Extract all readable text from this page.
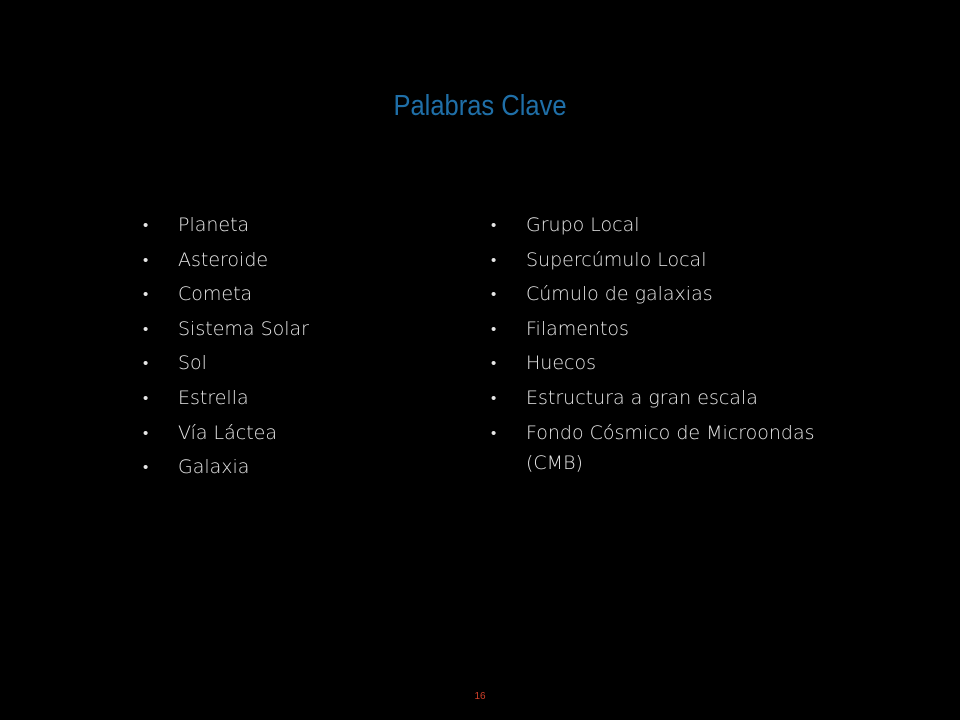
Palabras Clave
• Planeta
• Asteroide
• Cometa
• Sistema Solar
• Sol
• Estrella
• Vía Láctea
• Galaxia
• Grupo Local
• Supercúmulo Local
• Cúmulo de galaxias
• Filamentos
• Huecos
• Estructura a gran escala
• Fondo Cósmico de Microondas (CMB)
16
